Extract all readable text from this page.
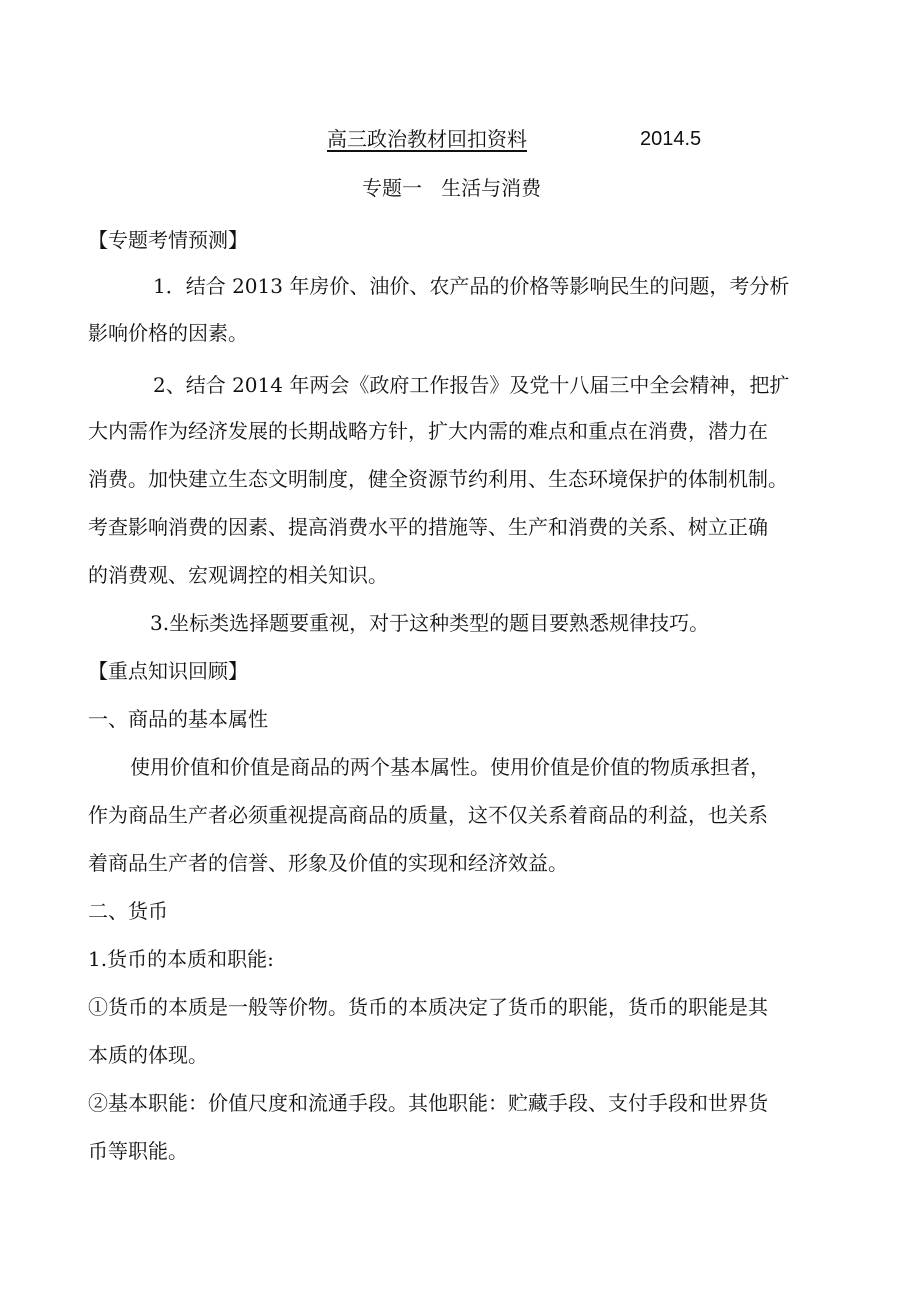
高三政治教材回扣资料	2014.5
专题一   生活与消费
【专题考情预测】
1．结合 2013 年房价、油价、农产品的价格等影响民生的问题，考分析
影响价格的因素。
2、结合 2014 年两会《政府工作报告》及党十八届三中全会精神，把扩
大内需作为经济发展的长期战略方针，扩大内需的难点和重点在消费，潜力在
消费。加快建立生态文明制度，健全资源节约利用、生态环境保护的体制机制。
考查影响消费的因素、提高消费水平的措施等、生产和消费的关系、树立正确
的消费观、宏观调控的相关知识。
3.坐标类选择题要重视，对于这种类型的题目要熟悉规律技巧。
【重点知识回顾】
一、商品的基本属性
使用价值和价值是商品的两个基本属性。使用价值是价值的物质承担者，
作为商品生产者必须重视提高商品的质量，这不仅关系着商品的利益，也关系
着商品生产者的信誉、形象及价值的实现和经济效益。
二、货币
1.货币的本质和职能:
①货币的本质是一般等价物。货币的本质决定了货币的职能，货币的职能是其
本质的体现。
②基本职能：价值尺度和流通手段。其他职能：贮藏手段、支付手段和世界货
币等职能。
